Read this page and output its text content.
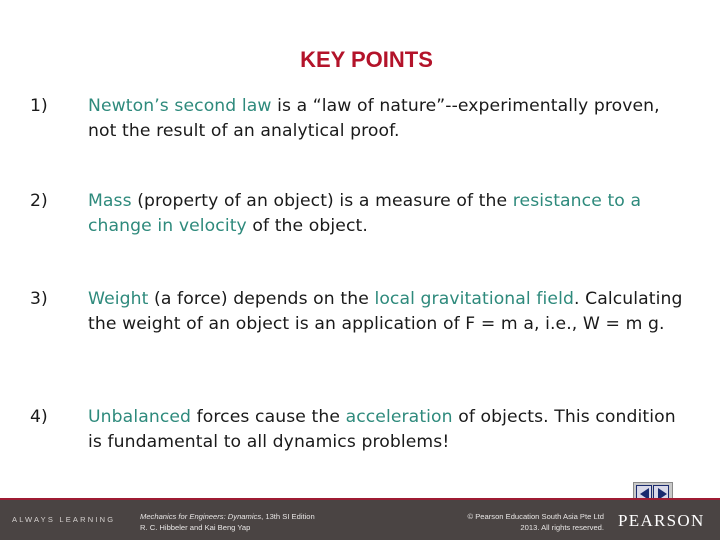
KEY POINTS
1)	Newton’s second law is a “law of nature”--experimentally proven, not the result of an analytical proof.
2)	Mass (property of an object) is a measure of the resistance to a change in velocity of the object.
3)	Weight (a force) depends on the local gravitational field. Calculating the weight of an object is an application of F = m a, i.e., W = m g.
4)	Unbalanced forces cause the acceleration of objects. This condition is fundamental to all dynamics problems!
ALWAYS LEARNING	Mechanics for Engineers: Dynamics, 13th SI Edition
R. C. Hibbeler and Kai Beng Yap
© Pearson Education South Asia Pte Ltd
2013. All rights reserved. PEARSON
